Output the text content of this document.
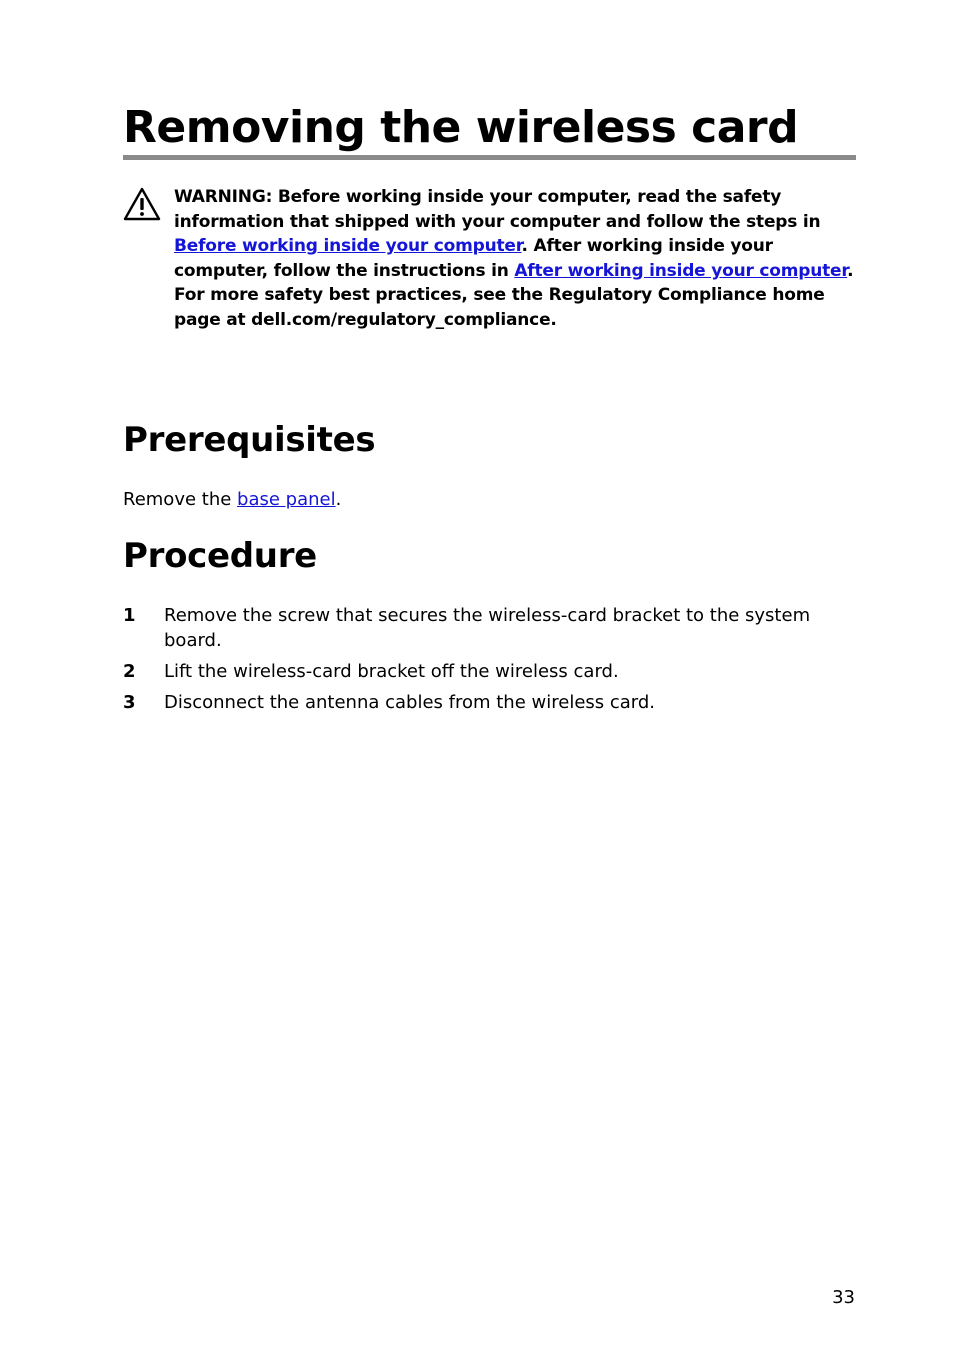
Removing the wireless card

WARNING: Before working inside your computer, read the safety information that shipped with your computer and follow the steps in Before working inside your computer. After working inside your computer, follow the instructions in After working inside your computer. For more safety best practices, see the Regulatory Compliance home page at dell.com/regulatory_compliance.

Prerequisites

Remove the base panel.

Procedure
1	Remove the screw that secures the wireless-card bracket to the system board.
2	Lift the wireless-card bracket off the wireless card.
3	Disconnect the antenna cables from the wireless card.

33
